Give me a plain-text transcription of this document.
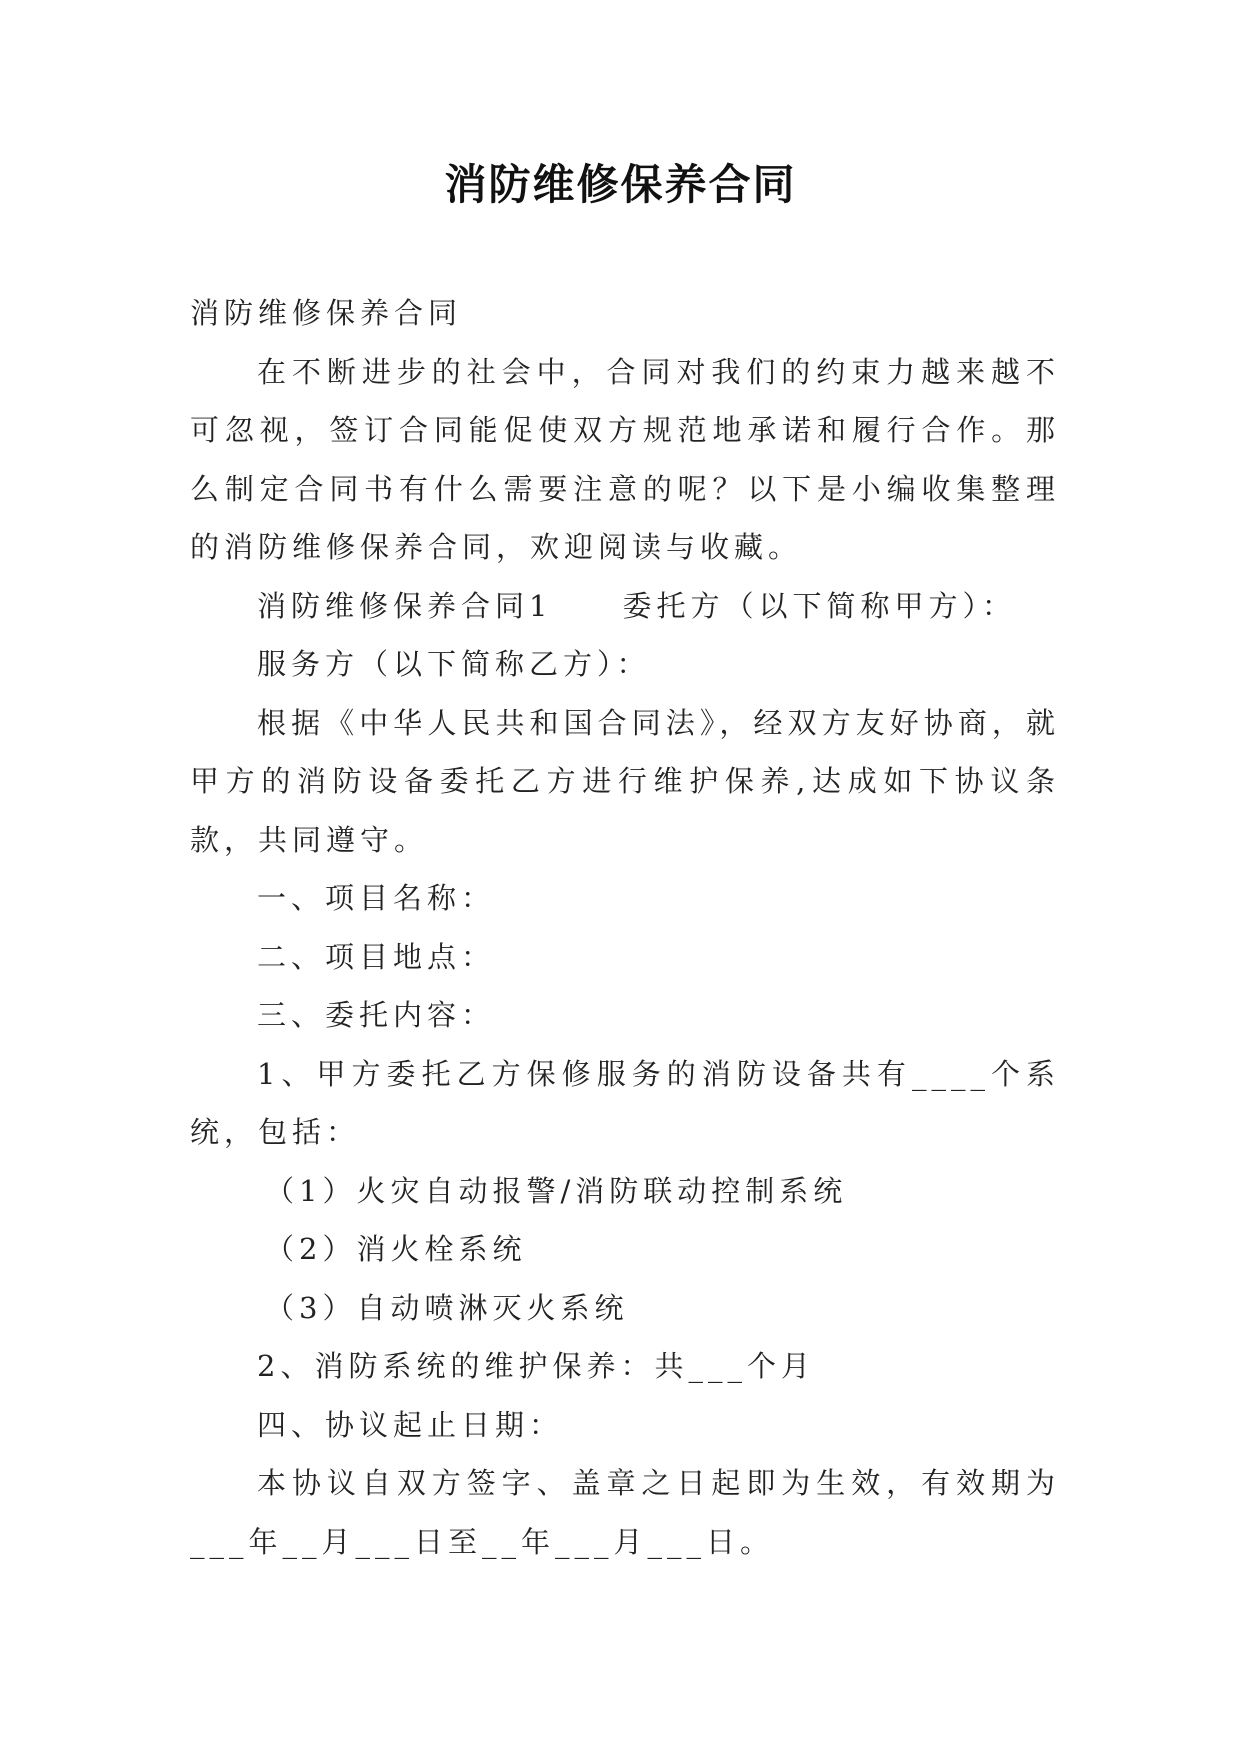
消防维修保养合同

消防维修保养合同

在不断进步的社会中，合同对我们的约束力越来越不可忽视，签订合同能促使双方规范地承诺和履行合作。那么制定合同书有什么需要注意的呢？以下是小编收集整理的消防维修保养合同，欢迎阅读与收藏。

消防维修保养合同1 委托方（以下简称甲方）：

服务方（以下简称乙方）：

根据《中华人民共和国合同法》，经双方友好协商，就甲方的消防设备委托乙方进行维护保养,达成如下协议条款，共同遵守。

一、项目名称：

二、项目地点：

三、委托内容：

1、甲方委托乙方保修服务的消防设备共有____个系统，包括：

（1）火灾自动报警/消防联动控制系统

（2）消火栓系统

（3）自动喷淋灭火系统

2、消防系统的维护保养：共___个月

四、协议起止日期：

本协议自双方签字、盖章之日起即为生效，有效期为___年__月___日至__年___月___日。
